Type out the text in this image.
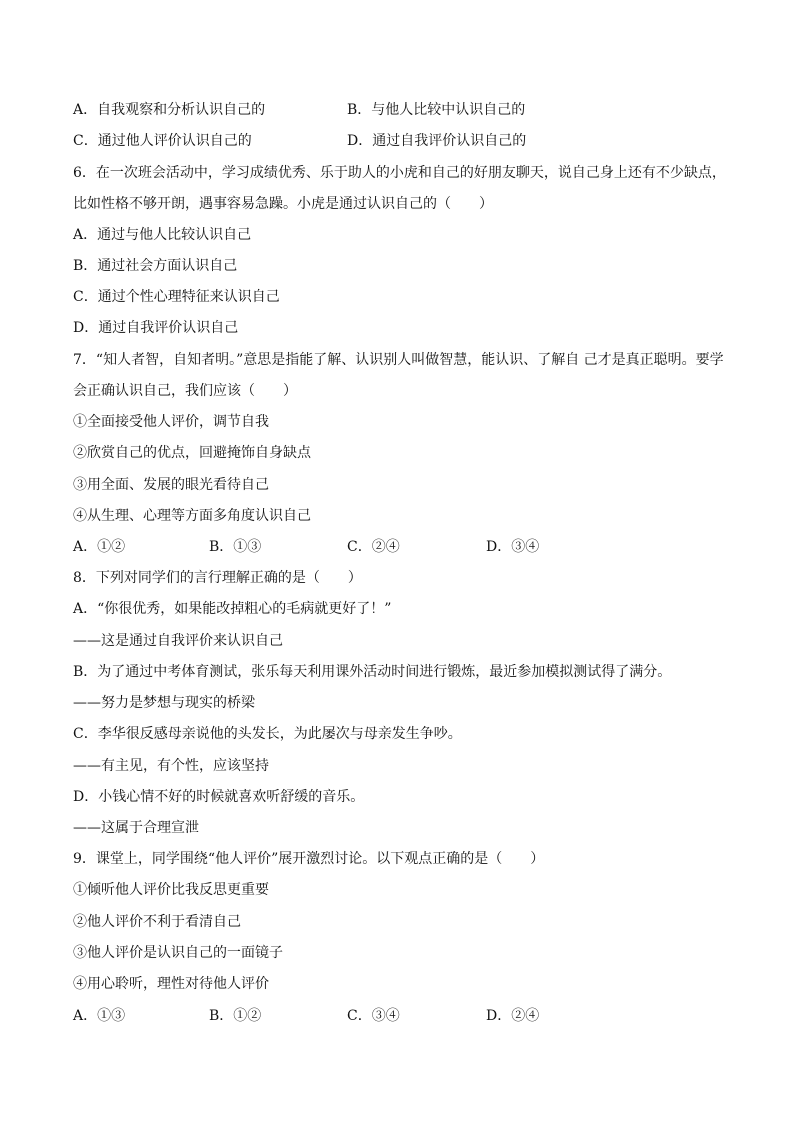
A．自我观察和分析认识自己的	B．与他人比较中认识自己的
C．通过他人评价认识自己的	D．通过自我评价认识自己的
6．在一次班会活动中，学习成绩优秀、乐于助人的小虎和自己的好朋友聊天，说自己身上还有不少缺点，
比如性格不够开朗，遇事容易急躁。小虎是通过认识自己的（　　）
A．通过与他人比较认识自己
B．通过社会方面认识自己
C．通过个性心理特征来认识自己
D．通过自我评价认识自己
7．“知人者智，自知者明。”意思是指能了解、认识别人叫做智慧，能认识、了解自 己才是真正聪明。要学
会正确认识自己，我们应该（　　）
①全面接受他人评价，调节自我
②欣赏自己的优点，回避掩饰自身缺点
③用全面、发展的眼光看待自己
④从生理、心理等方面多角度认识自己
A．①②	B．①③	C．②④	D．③④
8．下列对同学们的言行理解正确的是（　　）
A．“你很优秀，如果能改掉粗心的毛病就更好了！”
——这是通过自我评价来认识自己
B．为了通过中考体育测试，张乐每天利用课外活动时间进行锻炼，最近参加模拟测试得了满分。
——努力是梦想与现实的桥梁
C．李华很反感母亲说他的头发长，为此屡次与母亲发生争吵。
——有主见，有个性，应该坚持
D．小钱心情不好的时候就喜欢听舒缓的音乐。
——这属于合理宣泄
9．课堂上，同学围绕“他人评价”展开激烈讨论。以下观点正确的是（　　）
①倾听他人评价比我反思更重要
②他人评价不利于看清自己
③他人评价是认识自己的一面镜子
④用心聆听，理性对待他人评价
A．①③	B．①②	C．③④	D．②④
